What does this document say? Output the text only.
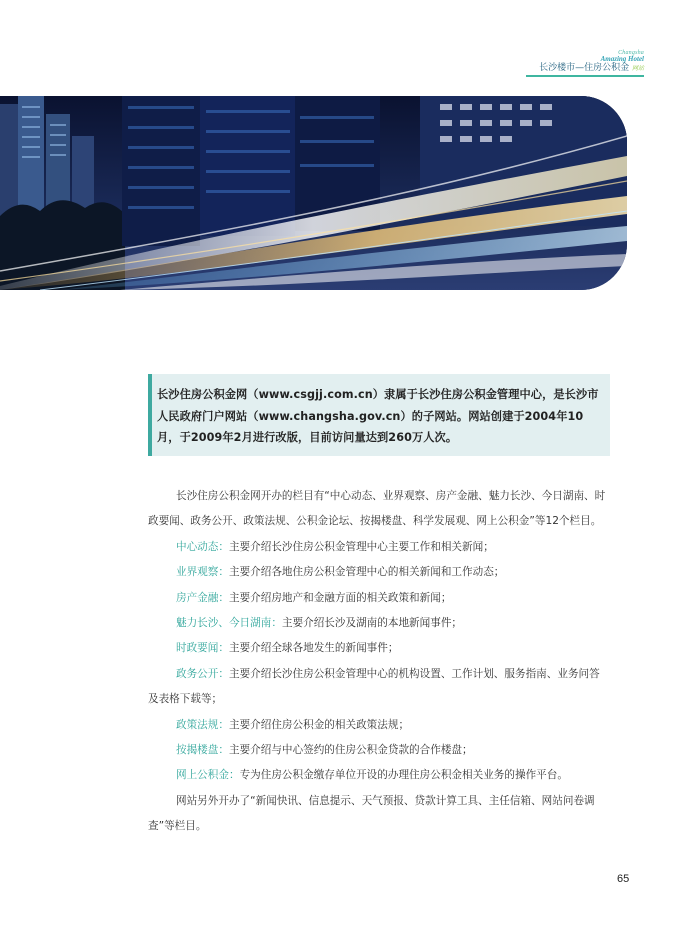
Changsha
Amazing Hotel
长沙楼市—住房公积金 网站

长沙住房公积金网（www.csgjj.com.cn）隶属于长沙住房公积金管理中心，是长沙市人民政府门户网站（www.changsha.gov.cn）的子网站。网站创建于2004年10月，于2009年2月进行改版，目前访问量达到260万人次。

长沙住房公积金网开办的栏目有“中心动态、业界观察、房产金融、魅力长沙、今日湖南、时政要闻、政务公开、政策法规、公积金论坛、按揭楼盘、科学发展观、网上公积金”等12个栏目。

中心动态：主要介绍长沙住房公积金管理中心主要工作和相关新闻；

业界观察：主要介绍各地住房公积金管理中心的相关新闻和工作动态；

房产金融：主要介绍房地产和金融方面的相关政策和新闻；

魅力长沙、今日湖南：主要介绍长沙及湖南的本地新闻事件；

时政要闻：主要介绍全球各地发生的新闻事件；

政务公开：主要介绍长沙住房公积金管理中心的机构设置、工作计划、服务指南、业务问答及表格下载等；

政策法规：主要介绍住房公积金的相关政策法规；

按揭楼盘：主要介绍与中心签约的住房公积金贷款的合作楼盘；

网上公积金：专为住房公积金缴存单位开设的办理住房公积金相关业务的操作平台。

网站另外开办了“新闻快讯、信息提示、天气预报、贷款计算工具、主任信箱、网站问卷调查”等栏目。

65
